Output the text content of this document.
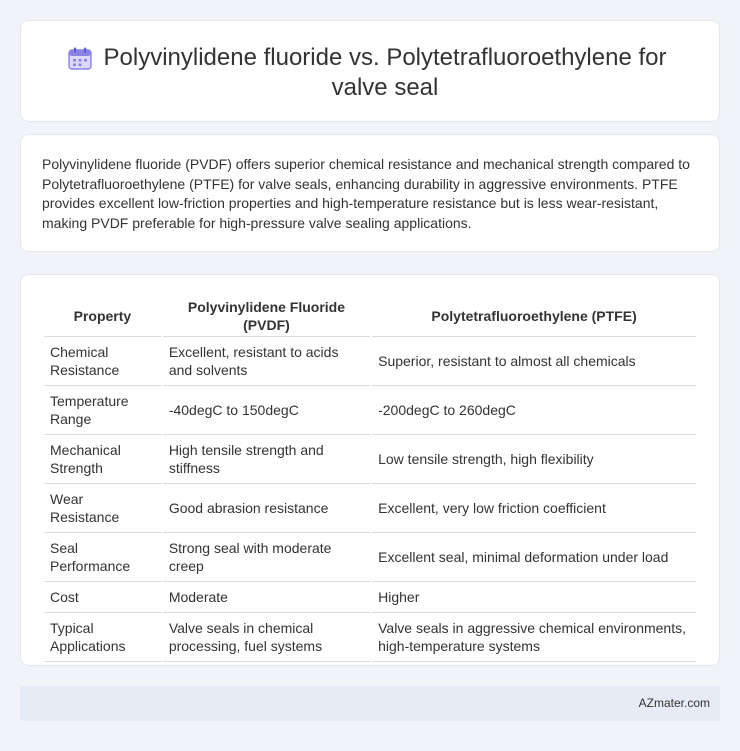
Polyvinylidene fluoride vs. Polytetrafluoroethylene for valve seal

Polyvinylidene fluoride (PVDF) offers superior chemical resistance and mechanical strength compared to Polytetrafluoroethylene (PTFE) for valve seals, enhancing durability in aggressive environments. PTFE provides excellent low-friction properties and high-temperature resistance but is less wear-resistant, making PVDF preferable for high-pressure valve sealing applications.

Property	Polyvinylidene Fluoride (PVDF)	Polytetrafluoroethylene (PTFE)
Chemical Resistance	Excellent, resistant to acids and solvents	Superior, resistant to almost all chemicals
Temperature Range	-40degC to 150degC	-200degC to 260degC
Mechanical Strength	High tensile strength and stiffness	Low tensile strength, high flexibility
Wear Resistance	Good abrasion resistance	Excellent, very low friction coefficient
Seal Performance	Strong seal with moderate creep	Excellent seal, minimal deformation under load
Cost	Moderate	Higher
Typical Applications	Valve seals in chemical processing, fuel systems	Valve seals in aggressive chemical environments, high-temperature systems
AZmater.com
